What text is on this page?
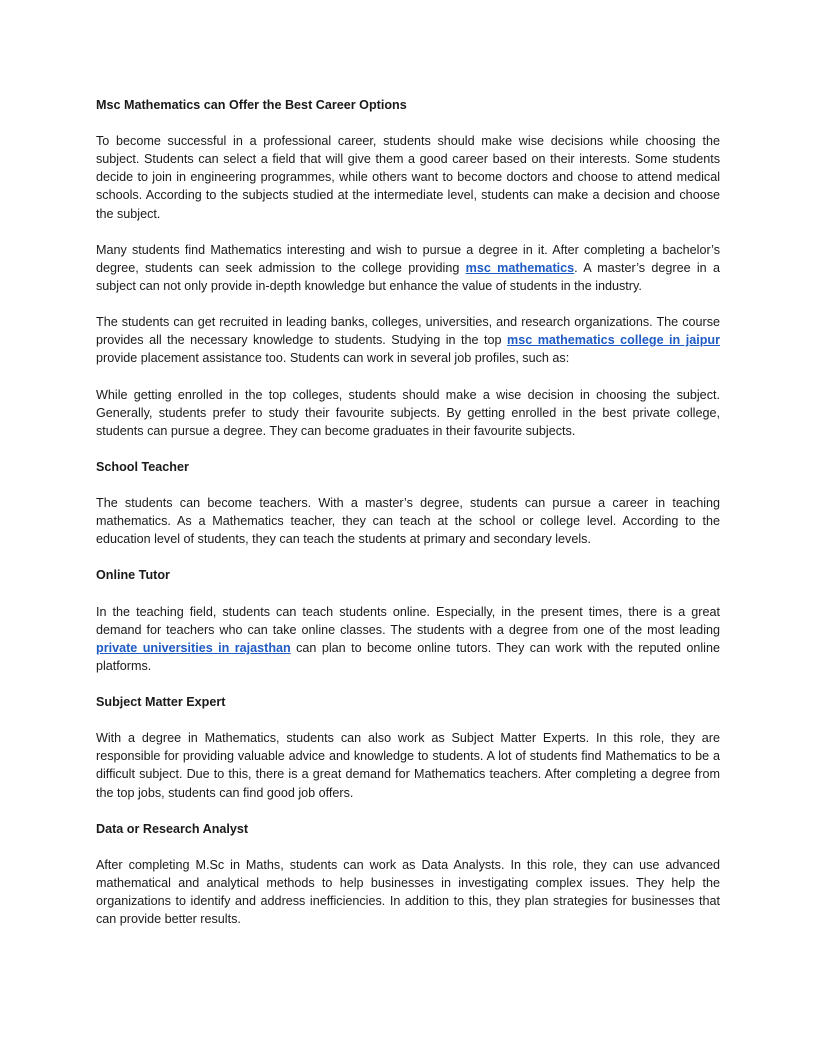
Msc Mathematics can Offer the Best Career Options

To become successful in a professional career, students should make wise decisions while choosing the subject. Students can select a field that will give them a good career based on their interests. Some students decide to join in engineering programmes, while others want to become doctors and choose to attend medical schools. According to the subjects studied at the intermediate level, students can make a decision and choose the subject.

Many students find Mathematics interesting and wish to pursue a degree in it. After completing a bachelor’s degree, students can seek admission to the college providing msc mathematics. A master’s degree in a subject can not only provide in-depth knowledge but enhance the value of students in the industry.

The students can get recruited in leading banks, colleges, universities, and research organizations. The course provides all the necessary knowledge to students. Studying in the top msc mathematics college in jaipur provide placement assistance too. Students can work in several job profiles, such as:

While getting enrolled in the top colleges, students should make a wise decision in choosing the subject. Generally, students prefer to study their favourite subjects. By getting enrolled in the best private college, students can pursue a degree. They can become graduates in their favourite subjects.

School Teacher

The students can become teachers. With a master’s degree, students can pursue a career in teaching mathematics. As a Mathematics teacher, they can teach at the school or college level. According to the education level of students, they can teach the students at primary and secondary levels.

Online Tutor

In the teaching field, students can teach students online. Especially, in the present times, there is a great demand for teachers who can take online classes. The students with a degree from one of the most leading private universities in rajasthan can plan to become online tutors. They can work with the reputed online platforms.

Subject Matter Expert

With a degree in Mathematics, students can also work as Subject Matter Experts. In this role, they are responsible for providing valuable advice and knowledge to students. A lot of students find Mathematics to be a difficult subject. Due to this, there is a great demand for Mathematics teachers. After completing a degree from the top jobs, students can find good job offers.

Data or Research Analyst

After completing M.Sc in Maths, students can work as Data Analysts. In this role, they can use advanced mathematical and analytical methods to help businesses in investigating complex issues. They help the organizations to identify and address inefficiencies. In addition to this, they plan strategies for businesses that can provide better results.
